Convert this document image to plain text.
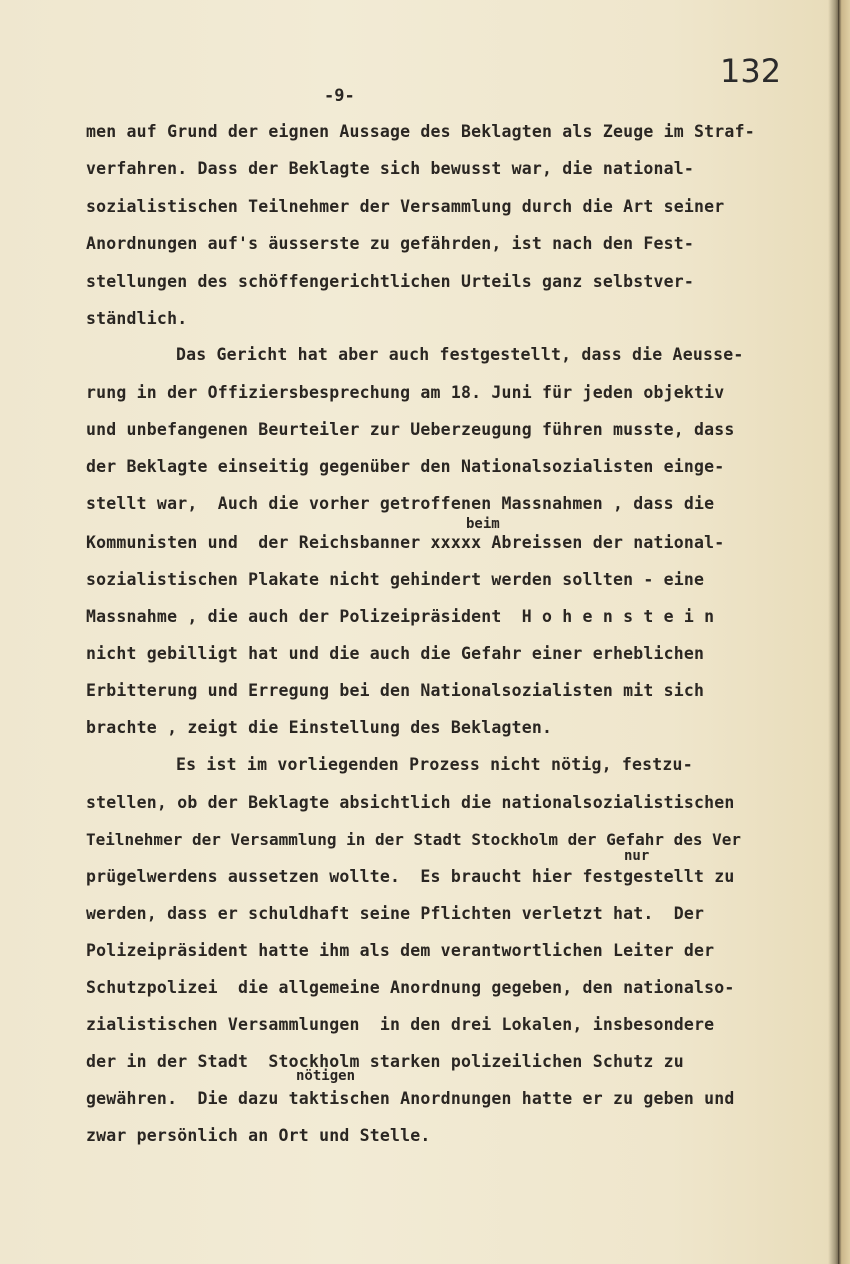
132
-9-
men auf Grund der eignen Aussage des Beklagten als Zeuge im Straf-
verfahren. Dass der Beklagte sich bewusst war, die national-
sozialistischen Teilnehmer der Versammlung durch die Art seiner
Anordnungen auf's äusserste zu gefährden, ist nach den Fest-
stellungen des schöffengerichtlichen Urteils ganz selbstver-
ständlich.
Das Gericht hat aber auch festgestellt, dass die Aeusse-
rung in der Offiziersbesprechung am 18. Juni für jeden objektiv
und unbefangenen Beurteiler zur Ueberzeugung führen musste, dass
der Beklagte einseitig gegenüber den Nationalsozialisten einge-
stellt war,  Auch die vorher getroffenen Massnahmen , dass die
beim
Kommunisten und  der Reichsbanner xxxxx Abreissen der national-
sozialistischen Plakate nicht gehindert werden sollten - eine
Massnahme , die auch der Polizeipräsident  H o h e n s t e i n
nicht gebilligt hat und die auch die Gefahr einer erheblichen
Erbitterung und Erregung bei den Nationalsozialisten mit sich
brachte , zeigt die Einstellung des Beklagten.
Es ist im vorliegenden Prozess nicht nötig, festzu-
stellen, ob der Beklagte absichtlich die nationalsozialistischen
Teilnehmer der Versammlung in der Stadt Stockholm der Gefahr des Ver
nur
prügelwerdens aussetzen wollte.  Es braucht hier festgestellt zu
werden, dass er schuldhaft seine Pflichten verletzt hat.  Der
Polizeipräsident hatte ihm als dem verantwortlichen Leiter der
Schutzpolizei  die allgemeine Anordnung gegeben, den nationalso-
zialistischen Versammlungen  in den drei Lokalen, insbesondere
der in der Stadt  Stockholm starken polizeilichen Schutz zu
nötigen
gewähren.  Die dazu taktischen Anordnungen hatte er zu geben und
zwar persönlich an Ort und Stelle.
